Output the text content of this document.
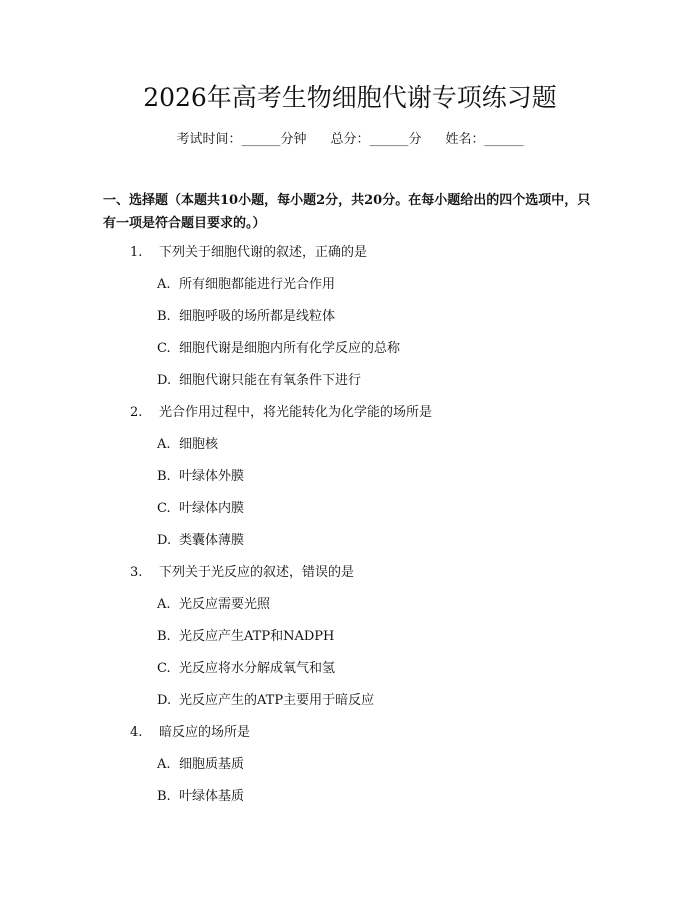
2026年高考生物细胞代谢专项练习题
考试时间：______分钟 总分：______分 姓名：______
一、选择题（本题共10小题，每小题2分，共20分。在每小题给出的四个选项中，只有一项是符合题目要求的。）
1. 下列关于细胞代谢的叙述，正确的是
A. 所有细胞都能进行光合作用
B. 细胞呼吸的场所都是线粒体
C. 细胞代谢是细胞内所有化学反应的总称
D. 细胞代谢只能在有氧条件下进行
2. 光合作用过程中，将光能转化为化学能的场所是
A. 细胞核
B. 叶绿体外膜
C. 叶绿体内膜
D. 类囊体薄膜
3. 下列关于光反应的叙述，错误的是
A. 光反应需要光照
B. 光反应产生ATP和NADPH
C. 光反应将水分解成氧气和氢
D. 光反应产生的ATP主要用于暗反应
4. 暗反应的场所是
A. 细胞质基质
B. 叶绿体基质
